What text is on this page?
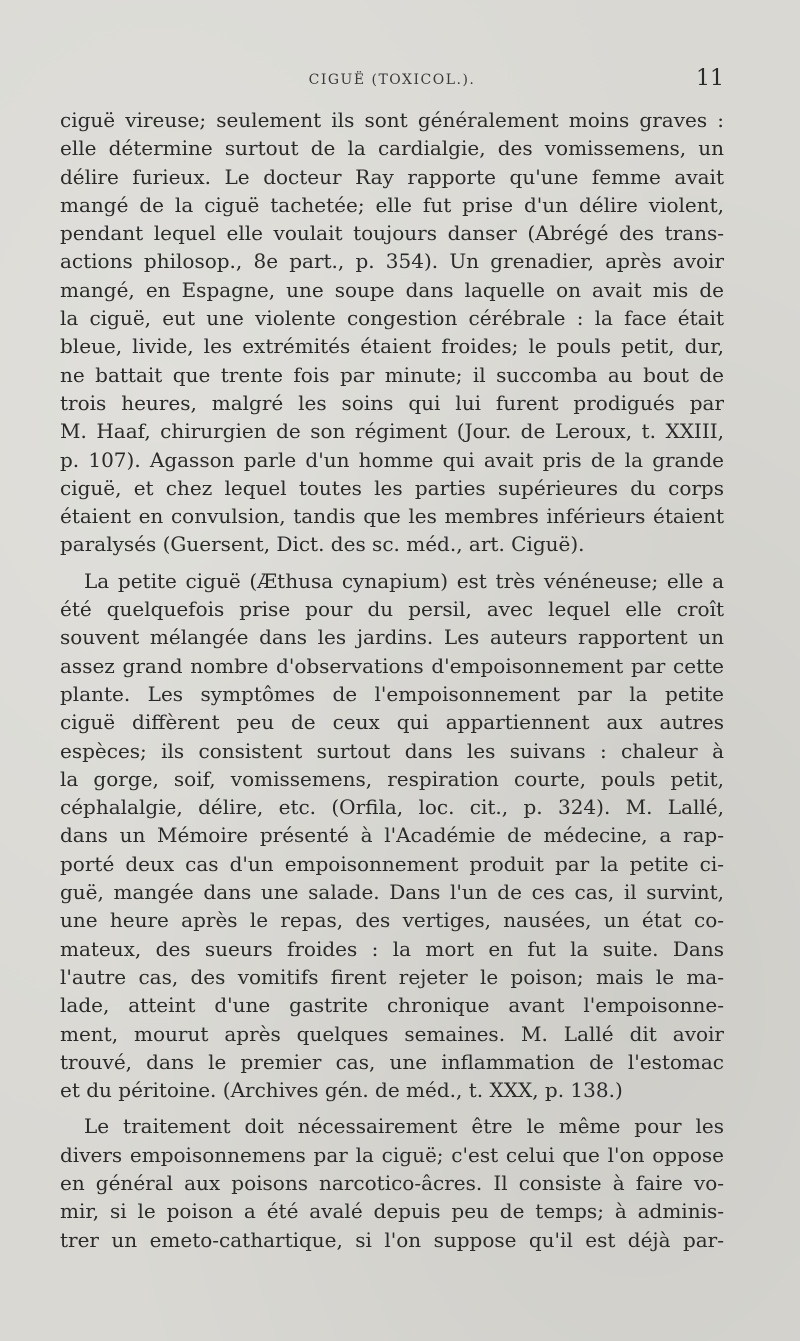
CIGUË (TOXICOL.).	11
ciguë vireuse; seulement ils sont généralement moins graves :
elle détermine surtout de la cardialgie, des vomissemens, un
délire furieux. Le docteur Ray rapporte qu'une femme avait
mangé de la ciguë tachetée; elle fut prise d'un délire violent,
pendant lequel elle voulait toujours danser (Abrégé des trans-
actions philosop., 8e part., p. 354). Un grenadier, après avoir
mangé, en Espagne, une soupe dans laquelle on avait mis de
la ciguë, eut une violente congestion cérébrale : la face était
bleue, livide, les extrémités étaient froides; le pouls petit, dur,
ne battait que trente fois par minute; il succomba au bout de
trois heures, malgré les soins qui lui furent prodigués par
M. Haaf, chirurgien de son régiment (Jour. de Leroux, t. XXIII,
p. 107). Agasson parle d'un homme qui avait pris de la grande
ciguë, et chez lequel toutes les parties supérieures du corps
étaient en convulsion, tandis que les membres inférieurs étaient
paralysés (Guersent, Dict. des sc. méd., art. Ciguë).
La petite ciguë (Æthusa cynapium) est très vénéneuse; elle a
été quelquefois prise pour du persil, avec lequel elle croît
souvent mélangée dans les jardins. Les auteurs rapportent un
assez grand nombre d'observations d'empoisonnement par cette
plante. Les symptômes de l'empoisonnement par la petite
ciguë diffèrent peu de ceux qui appartiennent aux autres
espèces; ils consistent surtout dans les suivans : chaleur à
la gorge, soif, vomissemens, respiration courte, pouls petit,
céphalalgie, délire, etc. (Orfila, loc. cit., p. 324). M. Lallé,
dans un Mémoire présenté à l'Académie de médecine, a rap-
porté deux cas d'un empoisonnement produit par la petite ci-
guë, mangée dans une salade. Dans l'un de ces cas, il survint,
une heure après le repas, des vertiges, nausées, un état co-
mateux, des sueurs froides : la mort en fut la suite. Dans
l'autre cas, des vomitifs firent rejeter le poison; mais le ma-
lade, atteint d'une gastrite chronique avant l'empoisonne-
ment, mourut après quelques semaines. M. Lallé dit avoir
trouvé, dans le premier cas, une inflammation de l'estomac
et du péritoine. (Archives gén. de méd., t. XXX, p. 138.)
Le traitement doit nécessairement être le même pour les
divers empoisonnemens par la ciguë; c'est celui que l'on oppose
en général aux poisons narcotico-âcres. Il consiste à faire vo-
mir, si le poison a été avalé depuis peu de temps; à adminis-
trer un emeto-cathartique, si l'on suppose qu'il est déjà par-
